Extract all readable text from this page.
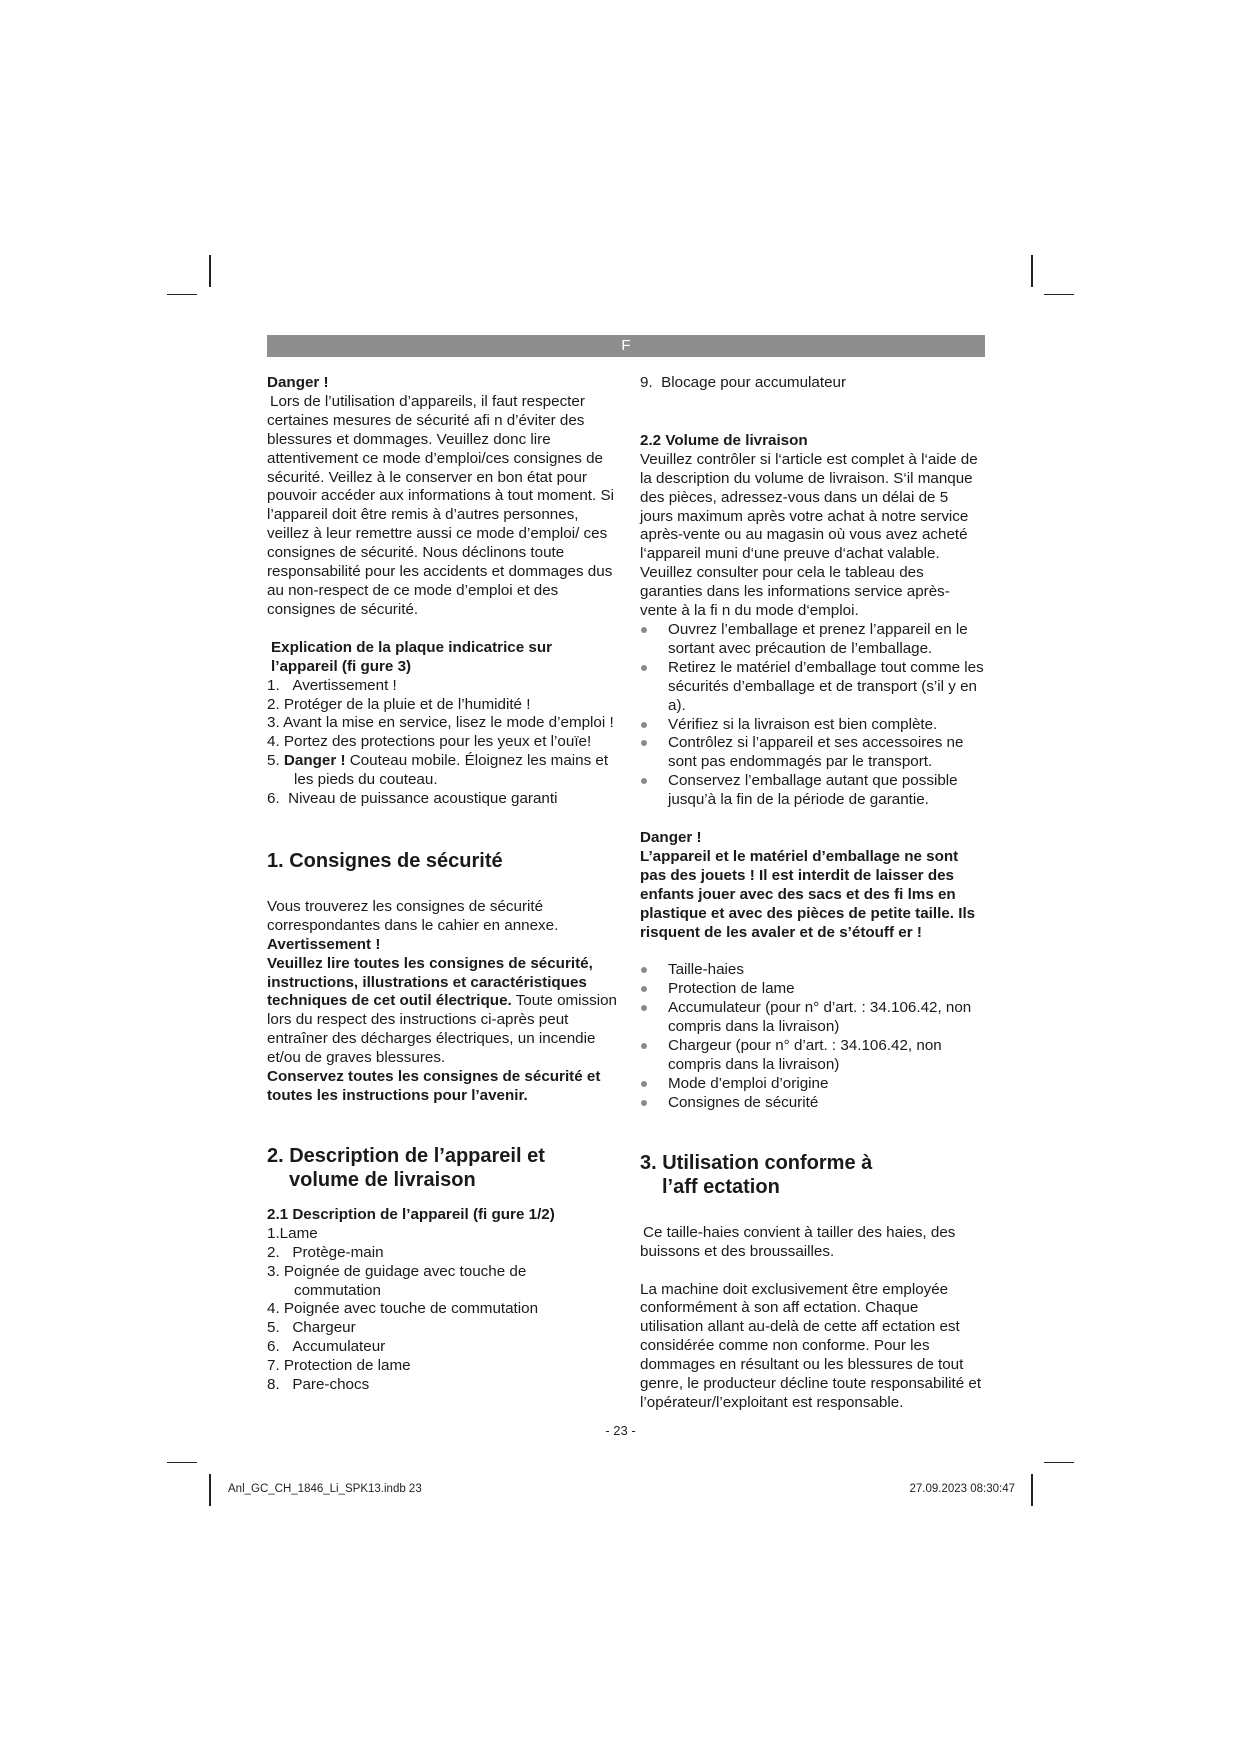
F

Danger !

Lors de l’utilisation d’appareils, il faut respecter certaines mesures de sécurité afi n d’éviter des blessures et dommages. Veuillez donc lire attentivement ce mode d’emploi/ces consignes de sécurité. Veillez à le conserver en bon état pour pouvoir accéder aux informations à tout moment. Si l’appareil doit être remis à d’autres personnes, veillez à leur remettre aussi ce mode d’emploi/ ces consignes de sécurité. Nous déclinons toute responsabilité pour les accidents et dommages dus au non-respect de ce mode d’emploi et des consignes de sécurité.

Explication de la plaque indicatrice sur l’appareil (fi gure 3)

1. Avertissement !
2. Protéger de la pluie et de l’humidité !
3. Avant la mise en service, lisez le mode d’emploi !
4. Portez des protections pour les yeux et l’ouïe!
5. Danger ! Couteau mobile. Éloignez les mains et les pieds du couteau.
6. Niveau de puissance acoustique garanti

1. Consignes de sécurité

Vous trouverez les consignes de sécurité correspondantes dans le cahier en annexe.

Avertissement !

Veuillez lire toutes les consignes de sécurité, instructions, illustrations et caractéristiques techniques de cet outil électrique. Toute omission lors du respect des instructions ci-après peut entraîner des décharges électriques, un incendie et/ou de graves blessures.

Conservez toutes les consignes de sécurité et toutes les instructions pour l’avenir.

2. Description de l’appareil et
volume de livraison

2.1 Description de l’appareil (fi gure 1/2)

1.Lame
2. Protège-main
3. Poignée de guidage avec touche de commutation
4. Poignée avec touche de commutation
5. Chargeur
6. Accumulateur
7. Protection de lame
8. Pare-chocs

9. Blocage pour accumulateur

2.2 Volume de livraison

Veuillez contrôler si l‘article est complet à l‘aide de la description du volume de livraison. S‘il manque des pièces, adressez-vous dans un délai de 5 jours maximum après votre achat à notre service après-vente ou au magasin où vous avez acheté l‘appareil muni d‘une preuve d‘achat valable. Veuillez consulter pour cela le tableau des garanties dans les informations service après-vente à la fi n du mode d‘emploi.

Ouvrez l’emballage et prenez l’appareil en le sortant avec précaution de l’emballage.
Retirez le matériel d’emballage tout comme les sécurités d’emballage et de transport (s’il y en a).
Vérifiez si la livraison est bien complète.
Contrôlez si l’appareil et ses accessoires ne sont pas endommagés par le transport.
Conservez l’emballage autant que possible jusqu’à la fin de la période de garantie.

Danger !

L’appareil et le matériel d’emballage ne sont pas des jouets ! Il est interdit de laisser des enfants jouer avec des sacs et des fi lms en plastique et avec des pièces de petite taille. Ils risquent de les avaler et de s’étouff er !

Taille-haies
Protection de lame
Accumulateur (pour n° d’art. : 34.106.42, non compris dans la livraison)
Chargeur (pour n° d’art. : 34.106.42, non compris dans la livraison)
Mode d’emploi d’origine
Consignes de sécurité

3. Utilisation conforme à
l’aff ectation

Ce taille-haies convient à tailler des haies, des buissons et des broussailles.

La machine doit exclusivement être employée conformément à son aff ectation. Chaque utilisation allant au-delà de cette aff ectation est considérée comme non conforme. Pour les dommages en résultant ou les blessures de tout genre, le producteur décline toute responsabilité et l’opérateur/l’exploitant est responsable.

- 23 -
Anl_GC_CH_1846_Li_SPK13.indb 23	27.09.2023 08:30:47
